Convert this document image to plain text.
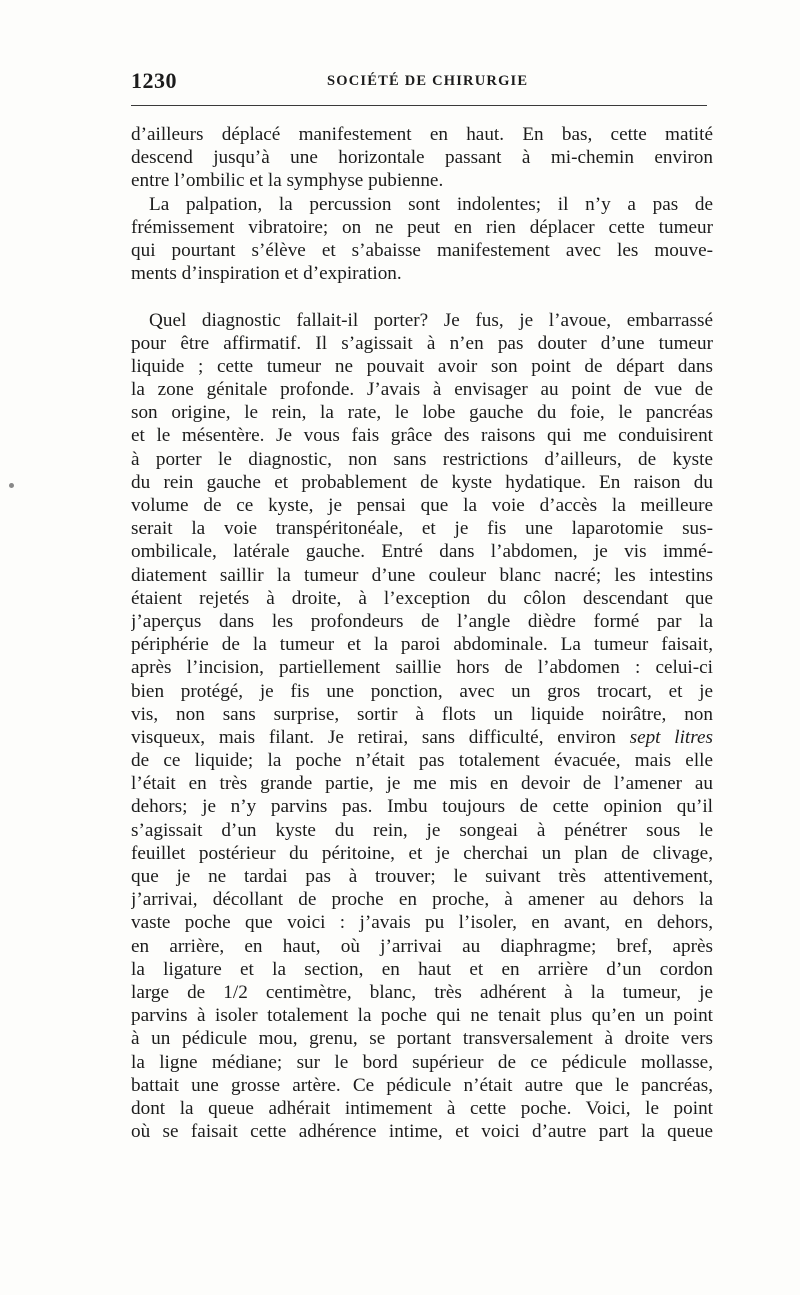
1230	SOCIÉTÉ DE CHIRURGIE
d’ailleurs déplacé manifestement en haut. En bas, cette matité
descend jusqu’à une horizontale passant à mi-chemin environ
entre l’ombilic et la symphyse pubienne.
La palpation, la percussion sont indolentes; il n’y a pas de
frémissement vibratoire; on ne peut en rien déplacer cette tumeur
qui pourtant s’élève et s’abaisse manifestement avec les mouve-
ments d’inspiration et d’expiration.
Quel diagnostic fallait-il porter? Je fus, je l’avoue, embarrassé
pour être affirmatif. Il s’agissait à n’en pas douter d’une tumeur
liquide ; cette tumeur ne pouvait avoir son point de départ dans
la zone génitale profonde. J’avais à envisager au point de vue de
son origine, le rein, la rate, le lobe gauche du foie, le pancréas
et le mésentère. Je vous fais grâce des raisons qui me conduisirent
à porter le diagnostic, non sans restrictions d’ailleurs, de kyste
du rein gauche et probablement de kyste hydatique. En raison du
volume de ce kyste, je pensai que la voie d’accès la meilleure
serait la voie transpéritonéale, et je fis une laparotomie sus-
ombilicale, latérale gauche. Entré dans l’abdomen, je vis immé-
diatement saillir la tumeur d’une couleur blanc nacré; les intestins
étaient rejetés à droite, à l’exception du côlon descendant que
j’aperçus dans les profondeurs de l’angle dièdre formé par la
périphérie de la tumeur et la paroi abdominale. La tumeur faisait,
après l’incision, partiellement saillie hors de l’abdomen : celui-ci
bien protégé, je fis une ponction, avec un gros trocart, et je
vis, non sans surprise, sortir à flots un liquide noirâtre, non
visqueux, mais filant. Je retirai, sans difficulté, environ sept litres
de ce liquide; la poche n’était pas totalement évacuée, mais elle
l’était en très grande partie, je me mis en devoir de l’amener au
dehors; je n’y parvins pas. Imbu toujours de cette opinion qu’il
s’agissait d’un kyste du rein, je songeai à pénétrer sous le
feuillet postérieur du péritoine, et je cherchai un plan de clivage,
que je ne tardai pas à trouver; le suivant très attentivement,
j’arrivai, décollant de proche en proche, à amener au dehors la
vaste poche que voici : j’avais pu l’isoler, en avant, en dehors,
en arrière, en haut, où j’arrivai au diaphragme; bref, après
la ligature et la section, en haut et en arrière d’un cordon
large de 1/2 centimètre, blanc, très adhérent à la tumeur, je
parvins à isoler totalement la poche qui ne tenait plus qu’en un point
à un pédicule mou, grenu, se portant transversalement à droite vers
la ligne médiane; sur le bord supérieur de ce pédicule mollasse,
battait une grosse artère. Ce pédicule n’était autre que le pancréas,
dont la queue adhérait intimement à cette poche. Voici, le point
où se faisait cette adhérence intime, et voici d’autre part la queue
